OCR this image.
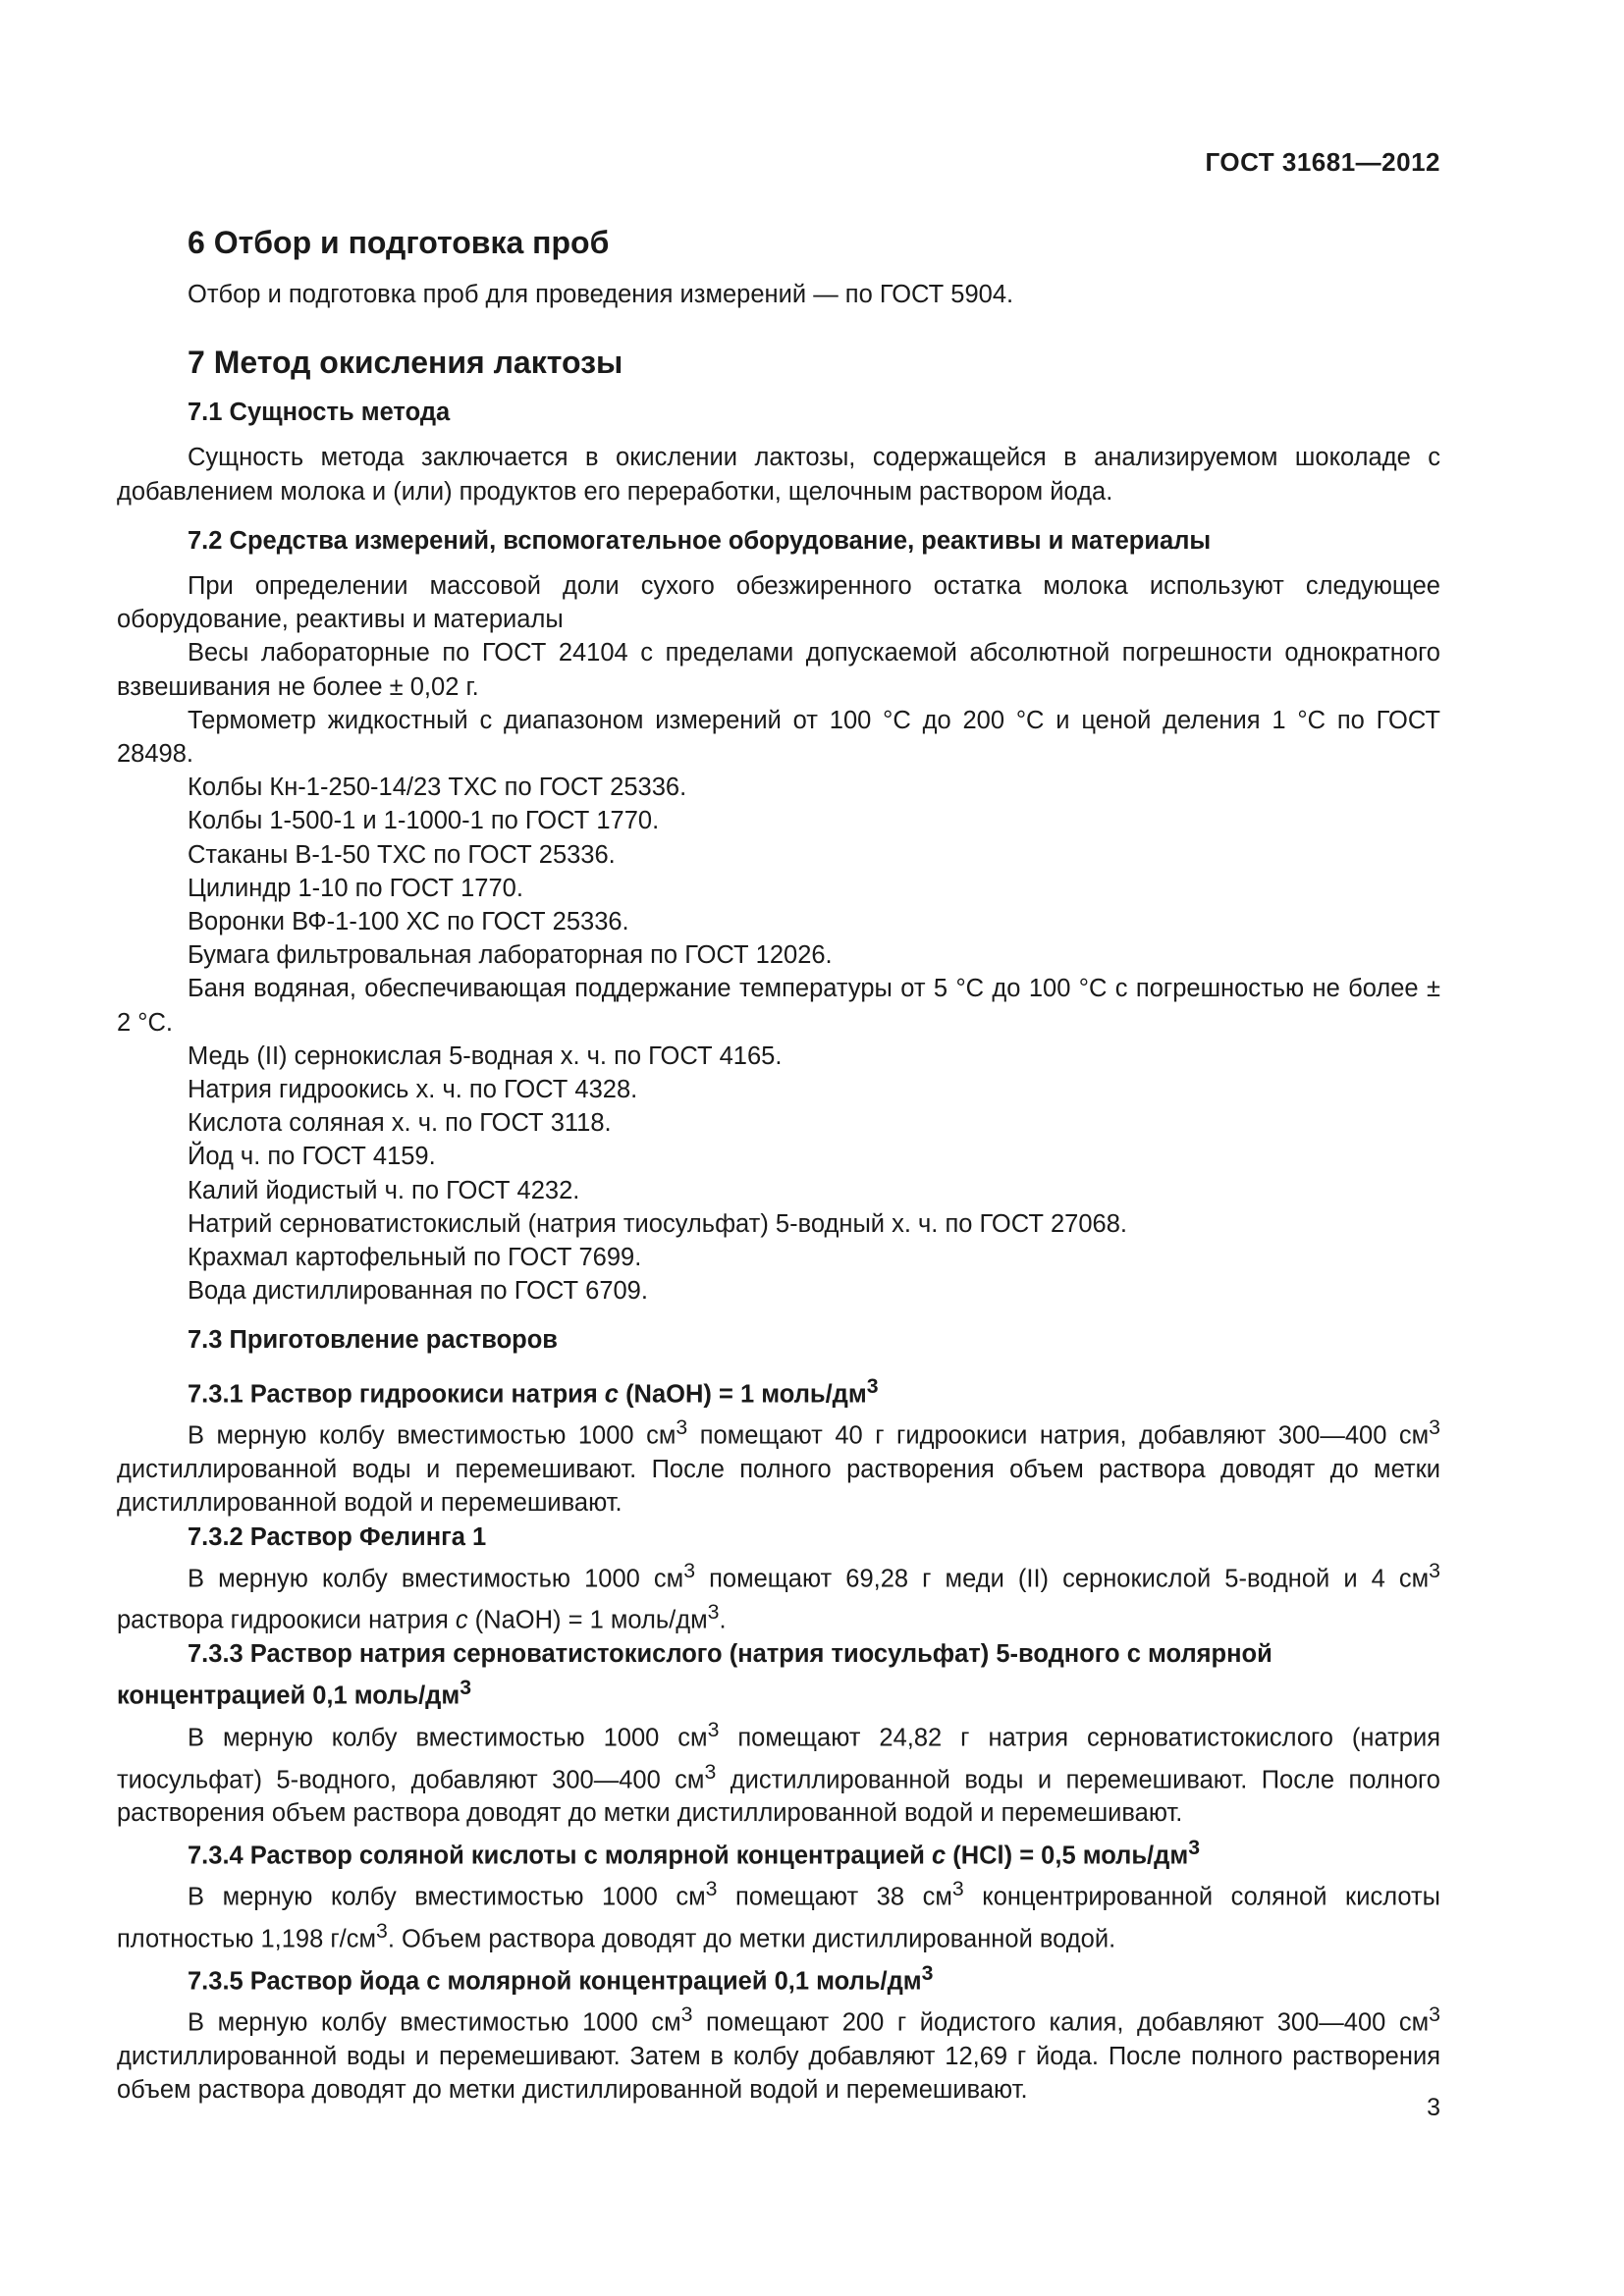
ГОСТ 31681—2012
6 Отбор и подготовка проб

Отбор и подготовка проб для проведения измерений — по ГОСТ 5904.

7 Метод окисления лактозы
7.1 Сущность метода

Сущность метода заключается в окислении лактозы, содержащейся в анализируемом шоколаде с добавлением молока и (или) продуктов его переработки, щелочным раствором йода.

7.2 Средства измерений, вспомогательное оборудование, реактивы и материалы

При определении массовой доли сухого обезжиренного остатка молока используют следующее оборудование, реактивы и материалы

Весы лабораторные по ГОСТ 24104 с пределами допускаемой абсолютной погрешности однократного взвешивания не более ± 0,02 г.

Термометр жидкостный с диапазоном измерений от 100 °С до 200 °С и ценой деления 1 °С по ГОСТ 28498.

Колбы Кн-1-250-14/23 ТХС по ГОСТ 25336.

Колбы 1-500-1 и 1-1000-1 по ГОСТ 1770.

Стаканы В-1-50 ТХС по ГОСТ 25336.

Цилиндр 1-10 по ГОСТ 1770.

Воронки ВФ-1-100 ХС по ГОСТ 25336.

Бумага фильтровальная лабораторная по ГОСТ 12026.

Баня водяная, обеспечивающая поддержание температуры от 5 °С до 100 °С с погрешностью не более ± 2 °С.

Медь (II) сернокислая 5-водная х. ч. по ГОСТ 4165.

Натрия гидроокись х. ч. по ГОСТ 4328.

Кислота соляная х. ч. по ГОСТ 3118.

Йод ч. по ГОСТ 4159.

Калий йодистый ч. по ГОСТ 4232.

Натрий серноватистокислый (натрия тиосульфат) 5-водный х. ч. по ГОСТ 27068.

Крахмал картофельный по ГОСТ 7699.

Вода дистиллированная по ГОСТ 6709.

7.3 Приготовление растворов
7.3.1 Раствор гидроокиси натрия с (NaOH) = 1 моль/$дм^3$

В мерную колбу вместимостью 1000 $см^3$ помещают 40 г гидроокиси натрия, добавляют 300—400 $см^3$ дистиллированной воды и перемешивают. После полного растворения объем раствора доводят до метки дистиллированной водой и перемешивают.

7.3.2 Раствор Фелинга 1

В мерную колбу вместимостью 1000 $см^3$ помещают 69,28 г меди (II) сернокислой 5-водной и 4 $см^3$ раствора гидроокиси натрия с (NaOH) = 1 моль/$дм^3$.

7.3.3 Раствор натрия серноватистокислого (натрия тиосульфат) 5-водного с молярной концентрацией 0,1 моль/$дм^3$

В мерную колбу вместимостью 1000 $см^3$ помещают 24,82 г натрия серноватистокислого (натрия тиосульфат) 5-водного, добавляют 300—400 $см^3$ дистиллированной воды и перемешивают. После полного растворения объем раствора доводят до метки дистиллированной водой и перемешивают.

7.3.4 Раствор соляной кислоты с молярной концентрацией с (HCl) = 0,5 моль/$дм^3$

В мерную колбу вместимостью 1000 $см^3$ помещают 38 $см^3$ концентрированной соляной кислоты плотностью 1,198 $г/см^3$. Объем раствора доводят до метки дистиллированной водой.

7.3.5 Раствор йода с молярной концентрацией 0,1 моль/$дм^3$

В мерную колбу вместимостью 1000 $см^3$ помещают 200 г йодистого калия, добавляют 300—400 $см^3$ дистиллированной воды и перемешивают. Затем в колбу добавляют 12,69 г йода. После полного растворения объем раствора доводят до метки дистиллированной водой и перемешивают.

3
